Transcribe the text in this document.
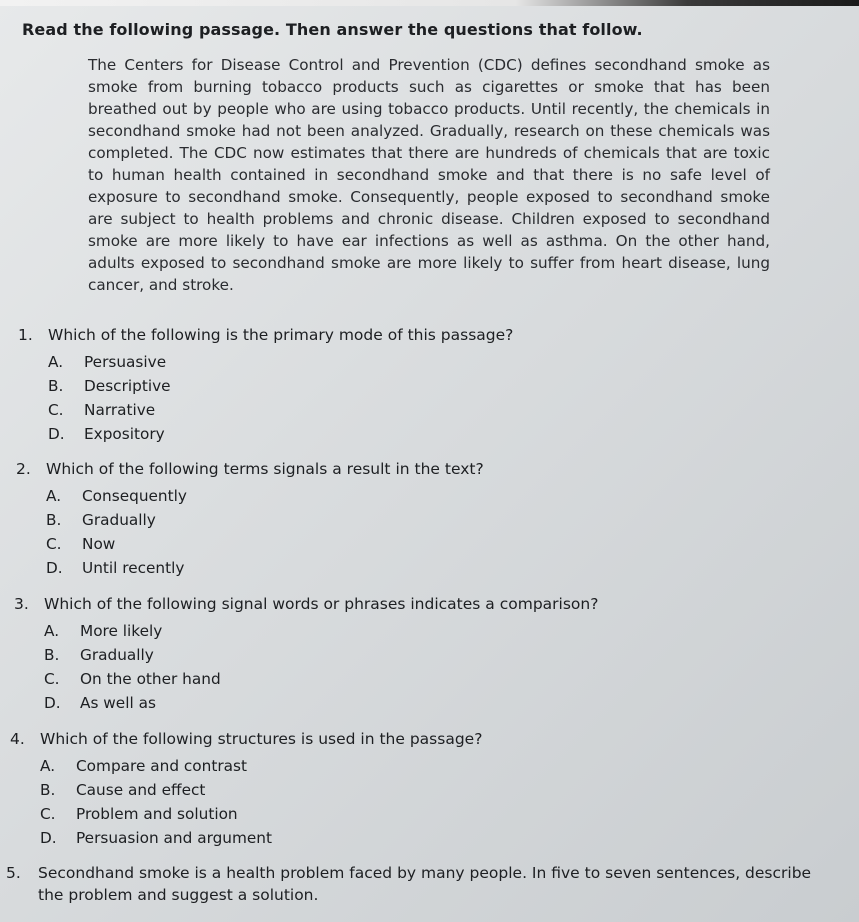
Read the following passage. Then answer the questions that follow.

The Centers for Disease Control and Prevention (CDC) defines secondhand smoke as smoke from burning tobacco products such as cigarettes or smoke that has been breathed out by people who are using tobacco products. Until recently, the chemicals in secondhand smoke had not been analyzed. Gradually, research on these chemicals was completed. The CDC now estimates that there are hundreds of chemicals that are toxic to human health contained in secondhand smoke and that there is no safe level of exposure to secondhand smoke. Consequently, people exposed to secondhand smoke are subject to health problems and chronic disease. Children exposed to secondhand smoke are more likely to have ear infections as well as asthma. On the other hand, adults exposed to secondhand smoke are more likely to suffer from heart disease, lung cancer, and stroke.

1. Which of the following is the primary mode of this passage?
A.	Persuasive
B.	Descriptive
C.	Narrative
D.	Expository
2. Which of the following terms signals a result in the text?
A.	Consequently
B.	Gradually
C.	Now
D.	Until recently
3. Which of the following signal words or phrases indicates a comparison?
A.	More likely
B.	Gradually
C.	On the other hand
D.	As well as
4. Which of the following structures is used in the passage?
A.	Compare and contrast
B.	Cause and effect
C.	Problem and solution
D.	Persuasion and argument
5.	Secondhand smoke is a health problem faced by many people. In five to seven sentences, describe the problem and suggest a solution.
